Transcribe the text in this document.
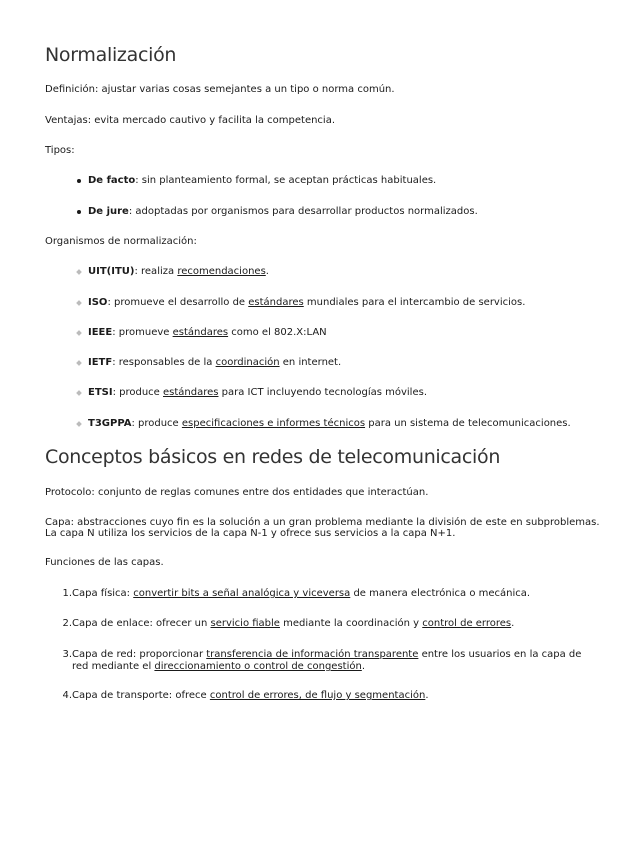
Normalización
Definición: ajustar varias cosas semejantes a un tipo o norma común.
Ventajas: evita mercado cautivo y facilita la competencia.
Tipos:
De facto: sin planteamiento formal, se aceptan prácticas habituales.
De jure: adoptadas por organismos para desarrollar productos normalizados.
Organismos de normalización:
UIT(ITU): realiza recomendaciones.
ISO: promueve el desarrollo de estándares mundiales para el intercambio de servicios.
IEEE: promueve estándares como el 802.X:LAN
IETF: responsables de la coordinación en internet.
ETSI: produce estándares para ICT incluyendo tecnologías móviles.
T3GPPA: produce especificaciones e informes técnicos para un sistema de telecomunicaciones.
Conceptos básicos en redes de telecomunicación
Protocolo: conjunto de reglas comunes entre dos entidades que interactúan.
Capa: abstracciones cuyo fin es la solución a un gran problema mediante la división de este en subproblemas.
La capa N utiliza los servicios de la capa N-1 y ofrece sus servicios a la capa N+1.
Funciones de las capas.
1. Capa física: convertir bits a señal analógica y viceversa de manera electrónica o mecánica.
2. Capa de enlace: ofrecer un servicio fiable mediante la coordinación y control de errores.
3. Capa de red: proporcionar transferencia de información transparente entre los usuarios en la capa de red mediante el direccionamiento o control de congestión.
4. Capa de transporte: ofrece control de errores, de flujo y segmentación.
